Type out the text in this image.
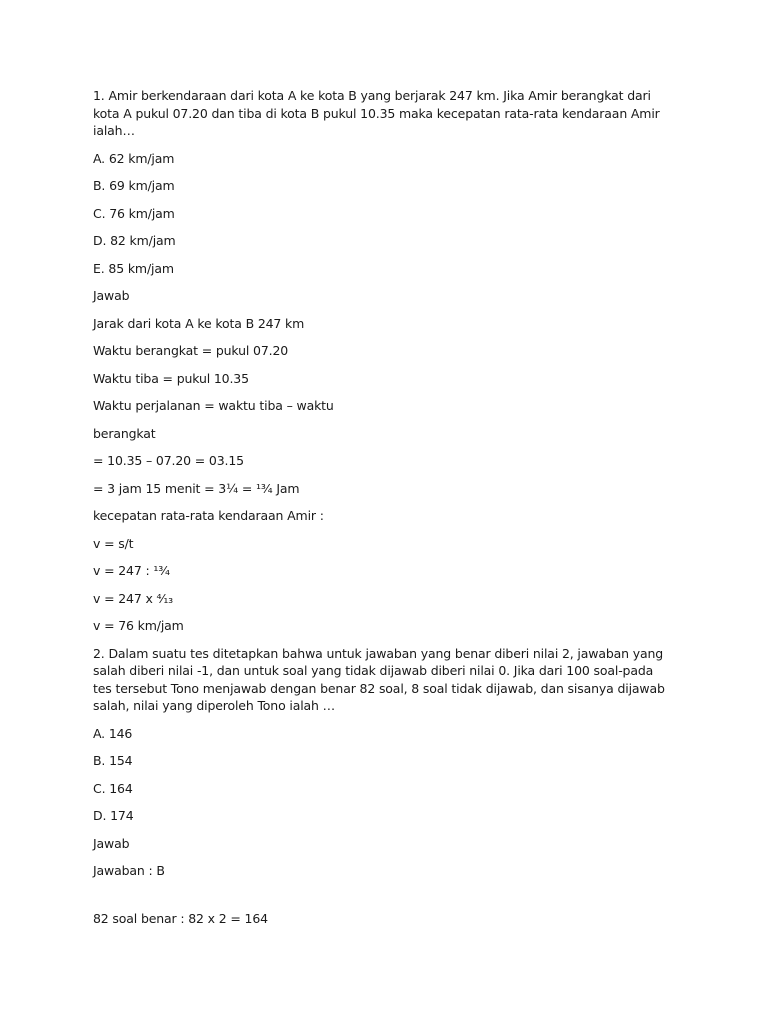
1. Amir berkendaraan dari kota A ke kota B yang berjarak 247 km. Jika Amir berangkat dari kota A pukul 07.20 dan tiba di kota B pukul 10.35 maka kecepatan rata-rata kendaraan Amir ialah…

A. 62 km/jam

B. 69 km/jam

C. 76 km/jam

D. 82 km/jam

E. 85 km/jam

Jawab

Jarak dari kota A ke kota B 247 km

Waktu berangkat = pukul 07.20

Waktu tiba = pukul 10.35

Waktu perjalanan = waktu tiba – waktu

berangkat

= 10.35 – 07.20 = 03.15

= 3 jam 15 menit = 3¼ = ¹³⁄₄ Jam

kecepatan rata-rata kendaraan Amir :

v = s/t

v = 247 : ¹³⁄₄

v = 247 x ⁴⁄₁₃

v = 76 km/jam

2. Dalam suatu tes ditetapkan bahwa untuk jawaban yang benar diberi nilai 2, jawaban yang salah diberi nilai -1, dan untuk soal yang tidak dijawab diberi nilai 0. Jika dari 100 soal-pada tes tersebut Tono menjawab dengan benar 82 soal, 8 soal tidak dijawab, dan sisanya dijawab salah, nilai yang diperoleh Tono ialah …

A. 146

B. 154

C. 164

D. 174

Jawab

Jawaban : B

82 soal benar : 82 x 2 = 164
